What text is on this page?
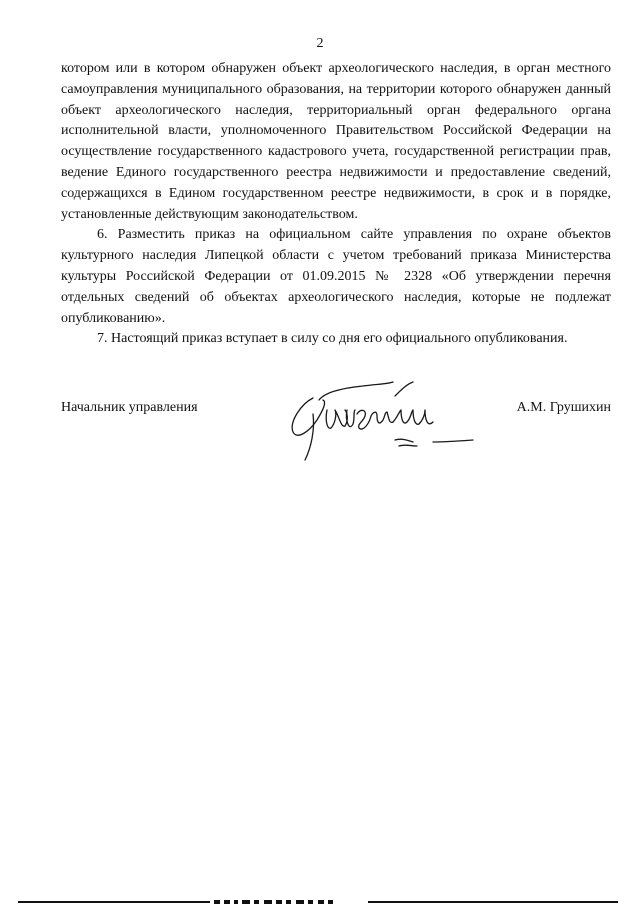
2

котором или в котором обнаружен объект археологического наследия, в орган местного самоуправления муниципального образования, на территории которого обнаружен данный объект археологического наследия, территориальный орган федерального органа исполнительной власти, уполномоченного Правительством Российской Федерации на осуществление государственного кадастрового учета, государственной регистрации прав, ведение Единого государственного реестра недвижимости и предоставление сведений, содержащихся в Едином государственном реестре недвижимости, в срок и в порядке, установленные действующим законодательством.

6. Разместить приказ на официальном сайте управления по охране объектов культурного наследия Липецкой области с учетом требований приказа Министерства культуры Российской Федерации от 01.09.2015 № 2328 «Об утверждении перечня отдельных сведений об объектах археологического наследия, которые не подлежат опубликованию».

7. Настоящий приказ вступает в силу со дня его официального опубликования.

Начальник управления	А.М. Грушихин
